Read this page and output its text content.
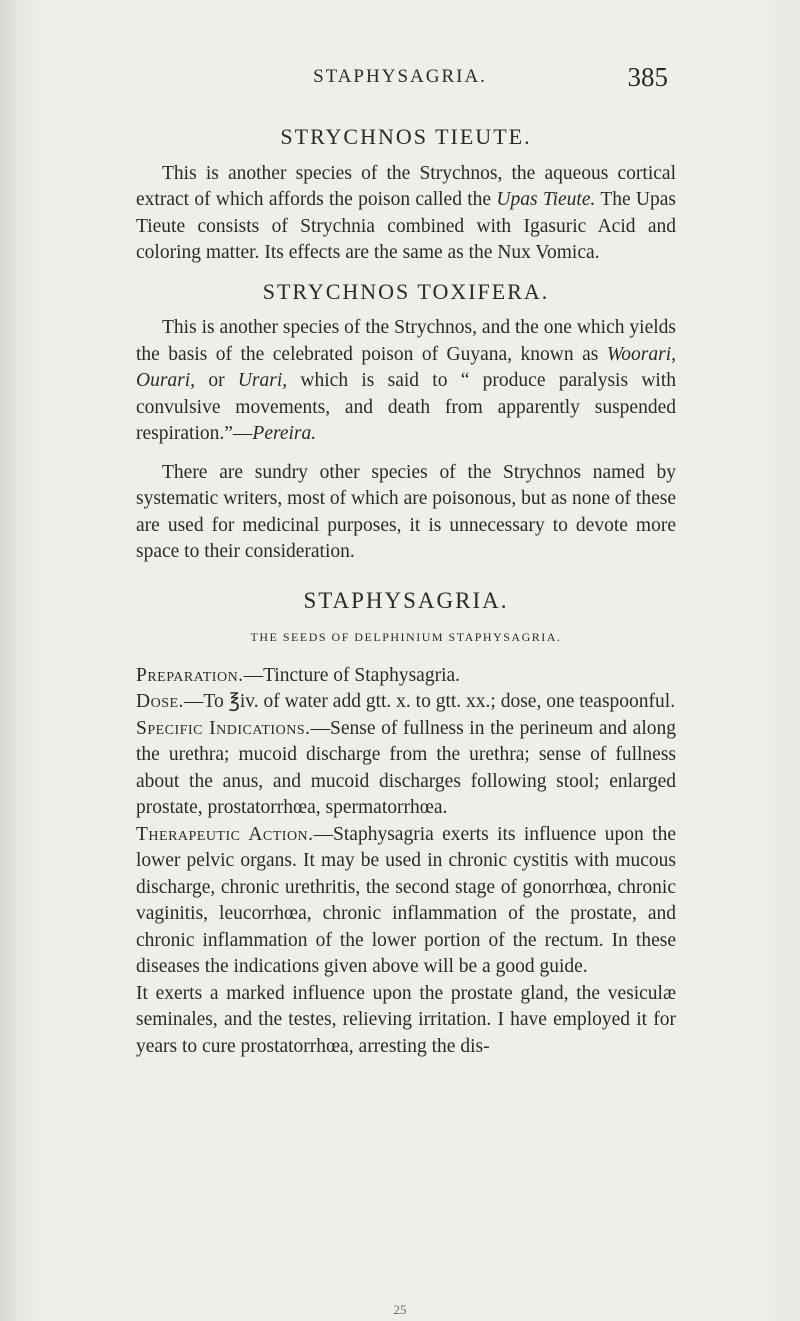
STAPHYSAGRIA.	385
STRYCHNOS TIEUTE.

This is another species of the Strychnos, the aqueous cortical extract of which affords the poison called the Upas Tieute. The Upas Tieute consists of Strychnia combined with Igasuric Acid and coloring matter. Its effects are the same as the Nux Vomica.

STRYCHNOS TOXIFERA.

This is another species of the Strychnos, and the one which yields the basis of the celebrated poison of Guyana, known as Woorari, Ourari, or Urari, which is said to “ produce paralysis with convulsive movements, and death from apparently suspended respiration.”—Pereira.

There are sundry other species of the Strychnos named by systematic writers, most of which are poisonous, but as none of these are used for medicinal purposes, it is unnecessary to devote more space to their consideration.

STAPHYSAGRIA.
THE SEEDS OF DELPHINIUM STAPHYSAGRIA.

Preparation.—Tincture of Staphysagria.

Dose.—To ℥iv. of water add gtt. x. to gtt. xx.; dose, one teaspoonful.

Specific Indications.—Sense of fullness in the perineum and along the urethra; mucoid discharge from the urethra; sense of fullness about the anus, and mucoid discharges following stool; enlarged prostate, prostatorrhœa, spermatorrhœa.

Therapeutic Action.—Staphysagria exerts its influence upon the lower pelvic organs. It may be used in chronic cystitis with mucous discharge, chronic urethritis, the second stage of gonorrhœa, chronic vaginitis, leucorrhœa, chronic inflammation of the prostate, and chronic inflammation of the lower portion of the rectum. In these diseases the indications given above will be a good guide.

It exerts a marked influence upon the prostate gland, the vesiculæ seminales, and the testes, relieving irritation. I have employed it for years to cure prostatorrhœa, arresting the dis-

25
